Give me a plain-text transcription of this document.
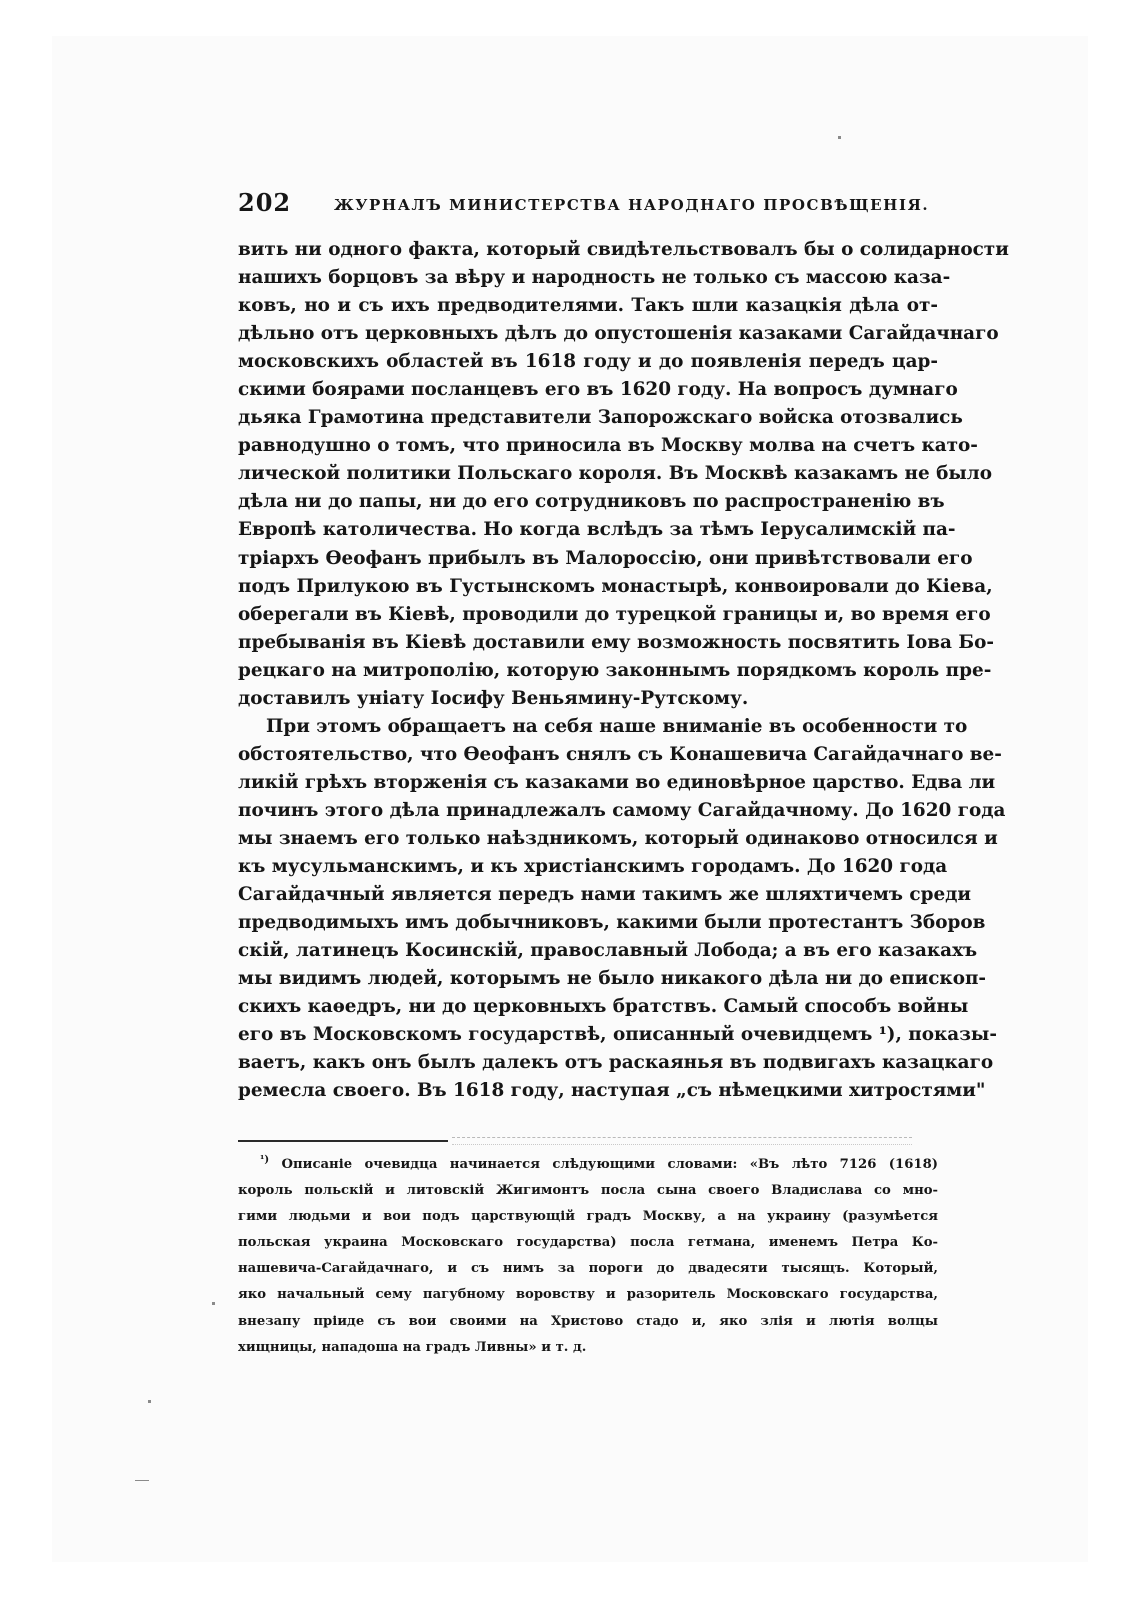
202	ЖУРНАЛЪ МИНИСТЕРСТВА НАРОДНАГО ПРОСВѢЩЕНІЯ.
вить ни одного факта, который свидѣтельствовалъ бы о солидарности
нашихъ борцовъ за вѣру и народность не только съ массою каза-
ковъ, но и съ ихъ предводителями. Такъ шли казацкія дѣла от-
дѣльно отъ церковныхъ дѣлъ до опустошенія казаками Сагайдачнаго
московскихъ областей въ 1618 году и до появленія передъ цар-
скими боярами посланцевъ его въ 1620 году. На вопросъ думнаго
дьяка Грамотина представители Запорожскаго войска отозвались
равнодушно о томъ, что приносила въ Москву молва на счетъ като-
лической политики Польскаго короля. Въ Москвѣ казакамъ не было
дѣла ни до папы, ни до его сотрудниковъ по распространенію въ
Европѣ католичества. Но когда вслѣдъ за тѣмъ Іерусалимскій па-
тріархъ Ѳеофанъ прибылъ въ Малороссію, они привѣтствовали его
подъ Прилукою въ Густынскомъ монастырѣ, конвоировали до Кіева,
оберегали въ Кіевѣ, проводили до турецкой границы и, во время его
пребыванія въ Кіевѣ доставили ему возможность посвятить Іова Бо-
рецкаго на митрополію, которую законнымъ порядкомъ король пре-
доставилъ уніату Іосифу Веньямину-Рутскому.
При этомъ обращаетъ на себя наше вниманіе въ особенности то
обстоятельство, что Ѳеофанъ снялъ съ Конашевича Сагайдачнаго ве-
ликій грѣхъ вторженія съ казаками во единовѣрное царство. Едва ли
починъ этого дѣла принадлежалъ самому Сагайдачному. До 1620 года
мы знаемъ его только наѣздникомъ, который одинаково относился и
къ мусульманскимъ, и къ христіанскимъ городамъ. До 1620 года
Сагайдачный является передъ нами такимъ же шляхтичемъ среди
предводимыхъ имъ добычниковъ, какими были протестантъ Зборов
скій, латинецъ Косинскій, православный Лобода; а въ его казакахъ
мы видимъ людей, которымъ не было никакого дѣла ни до епископ-
скихъ каѳедръ, ни до церковныхъ братствъ. Самый способъ войны
его въ Московскомъ государствѣ, описанный очевидцемъ ¹), показы-
ваетъ, какъ онъ былъ далекъ отъ раскаянья въ подвигахъ казацкаго
ремесла своего. Въ 1618 году, наступая „съ нѣмецкими хитростями"
$^{^1)}$ Описаніе очевидца начинается слѣдующими словами: «Въ лѣто 7126 (1618)
король польскій и литовскій Жигимонтъ посла сына своего Владислава со мно-
гими людьми и вои подъ царствующій градъ Москву, а на украину (разумѣется
польская украина Московскаго государства) посла гетмана, именемъ Петра Ко-
нашевича-Сагайдачнаго, и съ нимъ за пороги до двадесяти тысящъ. Который,
яко начальный сему пагубному воровству и разоритель Московскаго государства,
внезапу пріиде съ вои своими на Христово стадо и, яко злія и лютія волцы
хищницы, нападоша на градъ Ливны» и т. д.
